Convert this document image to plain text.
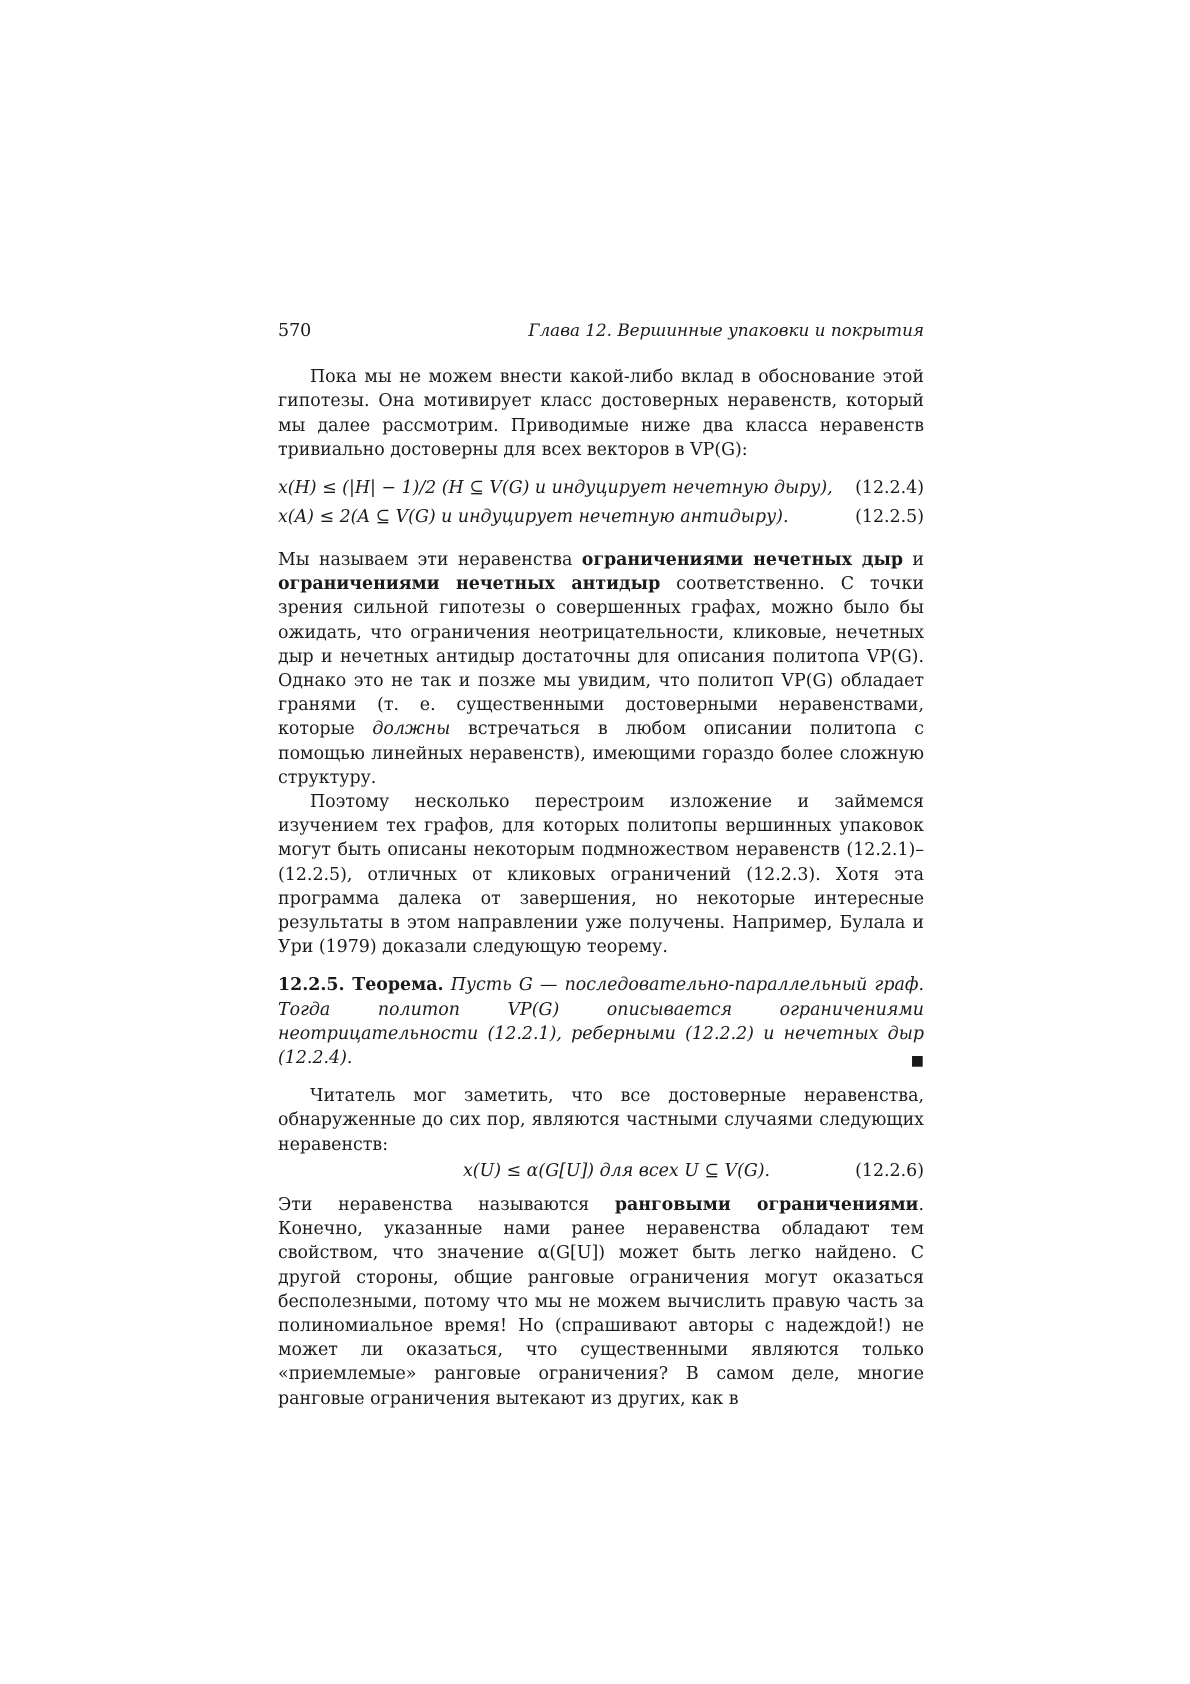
570	Глава 12. Вершинные упаковки и покрытия

Пока мы не можем внести какой-либо вклад в обоснование этой гипотезы. Она мотивирует класс достоверных неравенств, который мы далее рассмотрим. Приводимые ниже два класса неравенств тривиально достоверны для всех векторов в VP(G):

x(H) ≤ (|H| − 1)/2 (H ⊆ V(G) и индуцирует нечетную дыру), (12.2.4)
x(A) ≤ 2(A ⊆ V(G) и индуцирует нечетную антидыру).	(12.2.5)

Мы называем эти неравенства ограничениями нечетных дыр и ограничениями нечетных антидыр соответственно. С точки зрения сильной гипотезы о совершенных графах, можно было бы ожидать, что ограничения неотрицательности, кликовые, нечетных дыр и нечетных антидыр достаточны для описания политопа VP(G). Однако это не так и позже мы увидим, что политоп VP(G) обладает гранями (т. е. существенными достоверными неравенствами, которые должны встречаться в любом описании политопа с помощью линейных неравенств), имеющими гораздо более сложную структуру.

Поэтому несколько перестроим изложение и займемся изучением тех графов, для которых политопы вершинных упаковок могут быть описаны некоторым подмножеством неравенств (12.2.1)–(12.2.5), отличных от кликовых ограничений (12.2.3). Хотя эта программа далека от завершения, но некоторые интересные результаты в этом направлении уже получены. Например, Булала и Ури (1979) доказали следующую теорему.

12.2.5. Теорема. Пусть G — последовательно-параллельный граф. Тогда политоп VP(G) описывается ограничениями неотрицательности (12.2.1), реберными (12.2.2) и нечетных дыр (12.2.4).	■

Читатель мог заметить, что все достоверные неравенства, обнаруженные до сих пор, являются частными случаями следующих неравенств:

x(U) ≤ α(G[U]) для всех U ⊆ V(G).	(12.2.6)

Эти неравенства называются ранговыми ограничениями. Конечно, указанные нами ранее неравенства обладают тем свойством, что значение α(G[U]) может быть легко найдено. С другой стороны, общие ранговые ограничения могут оказаться бесполезными, потому что мы не можем вычислить правую часть за полиномиальное время! Но (спрашивают авторы с надеждой!) не может ли оказаться, что существенными являются только «приемлемые» ранговые ограничения? В самом деле, многие ранговые ограничения вытекают из других, как в
